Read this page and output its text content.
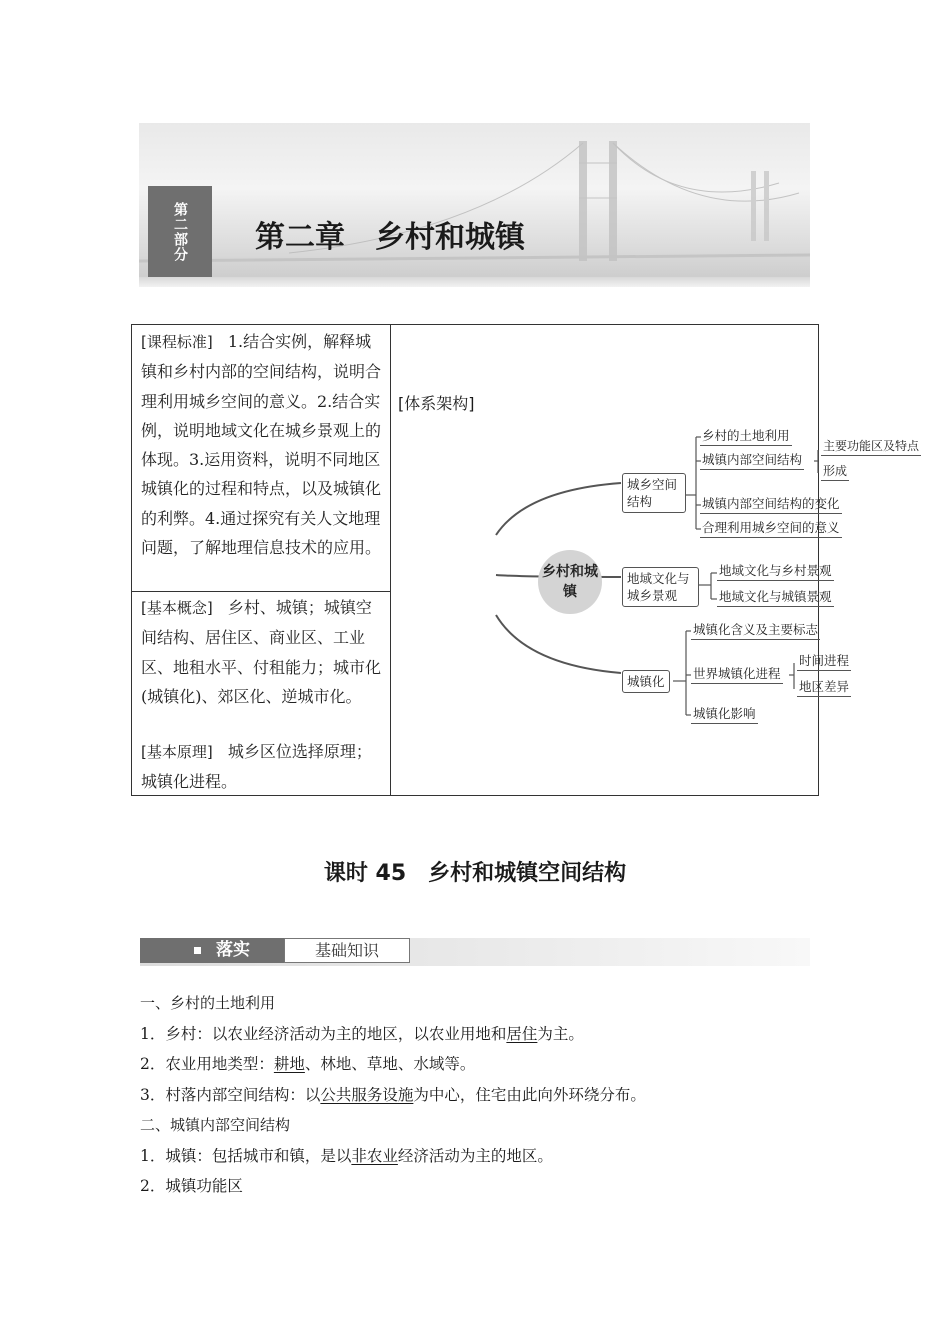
第二部分	第二章　乡村和城镇
[课程标准] 1.结合实例，解释城镇和乡村内部的空间结构，说明合理利用城乡空间的意义。2.结合实例，说明地域文化在城乡景观上的体现。3.运用资料，说明不同地区城镇化的过程和特点，以及城镇化的利弊。4.通过探究有关人文地理问题，了解地理信息技术的应用。
[基本概念] 乡村、城镇；城镇空间结构、居住区、商业区、工业区、地租水平、付租能力；城市化(城镇化)、郊区化、逆城市化。
[基本原理] 城乡区位选择原理；城镇化进程。
[体系架构]
乡村和城镇
城乡空间结构
乡村的土地利用
城镇内部空间结构
城镇内部空间结构的变化
合理利用城乡空间的意义
主要功能区及特点
形成
地域文化与城乡景观
地域文化与乡村景观
地域文化与城镇景观
城镇化
城镇化含义及主要标志
世界城镇化进程
城镇化影响
时间进程
地区差异
课时 45　乡村和城镇空间结构
落实	基础知识
一、乡村的土地利用
1．乡村：以农业经济活动为主的地区，以农业用地和居住为主。
2．农业用地类型：耕地、林地、草地、水域等。
3．村落内部空间结构：以公共服务设施为中心，住宅由此向外环绕分布。
二、城镇内部空间结构
1．城镇：包括城市和镇，是以非农业经济活动为主的地区。
2．城镇功能区
